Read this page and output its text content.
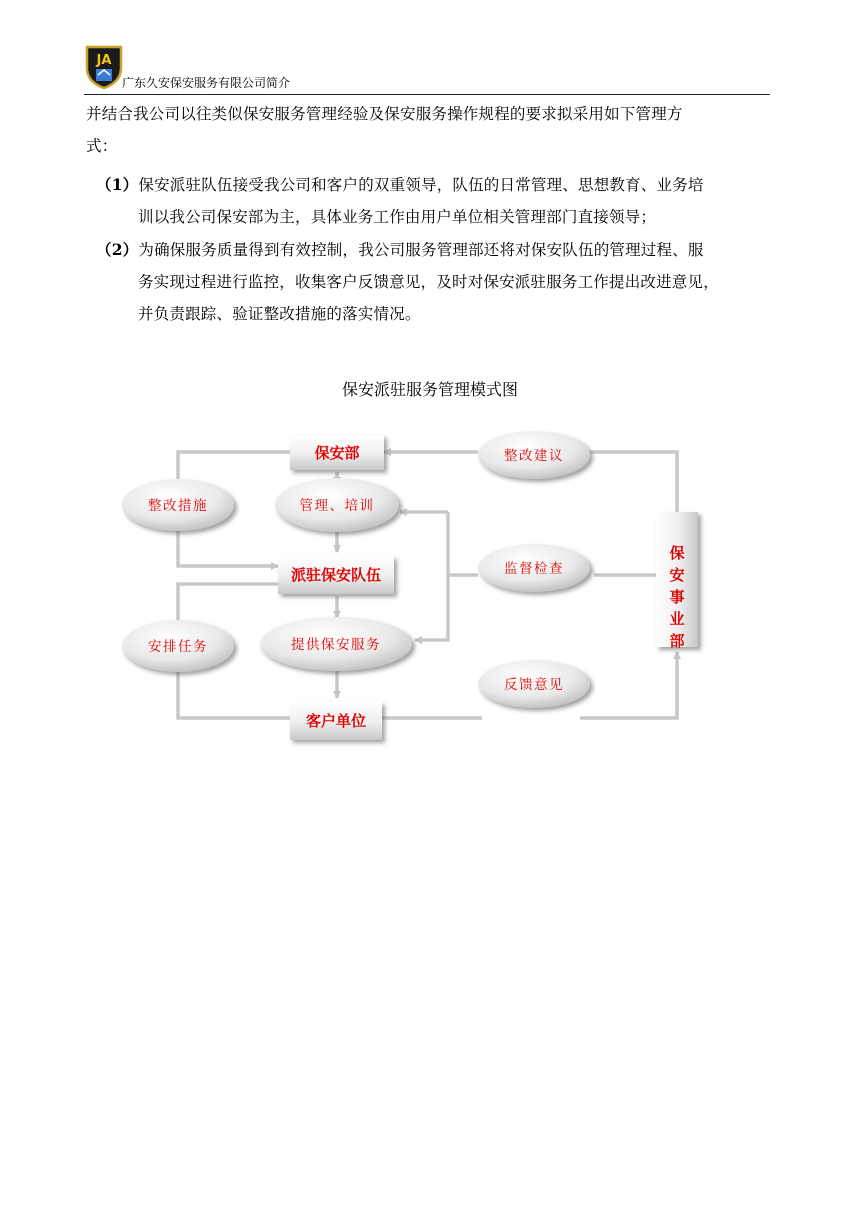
JA
广东久安保安服务有限公司简介
并结合我公司以往类似保安服务管理经验及保安服务操作规程的要求拟采用如下管理方
式：
（1）保安派驻队伍接受我公司和客户的双重领导，队伍的日常管理、思想教育、业务培
训以我公司保安部为主，具体业务工作由用户单位相关管理部门直接领导；
（2）为确保服务质量得到有效控制，我公司服务管理部还将对保安队伍的管理过程、服
务实现过程进行监控，收集客户反馈意见，及时对保安派驻服务工作提出改进意见，
并负责跟踪、验证整改措施的落实情况。
保安派驻服务管理模式图
保安部
派驻保安队伍
客户单位
保
安
事
业
部
整改措施	管理、培训
安排任务	提供保安服务
整改建议
监督检查
反馈意见
